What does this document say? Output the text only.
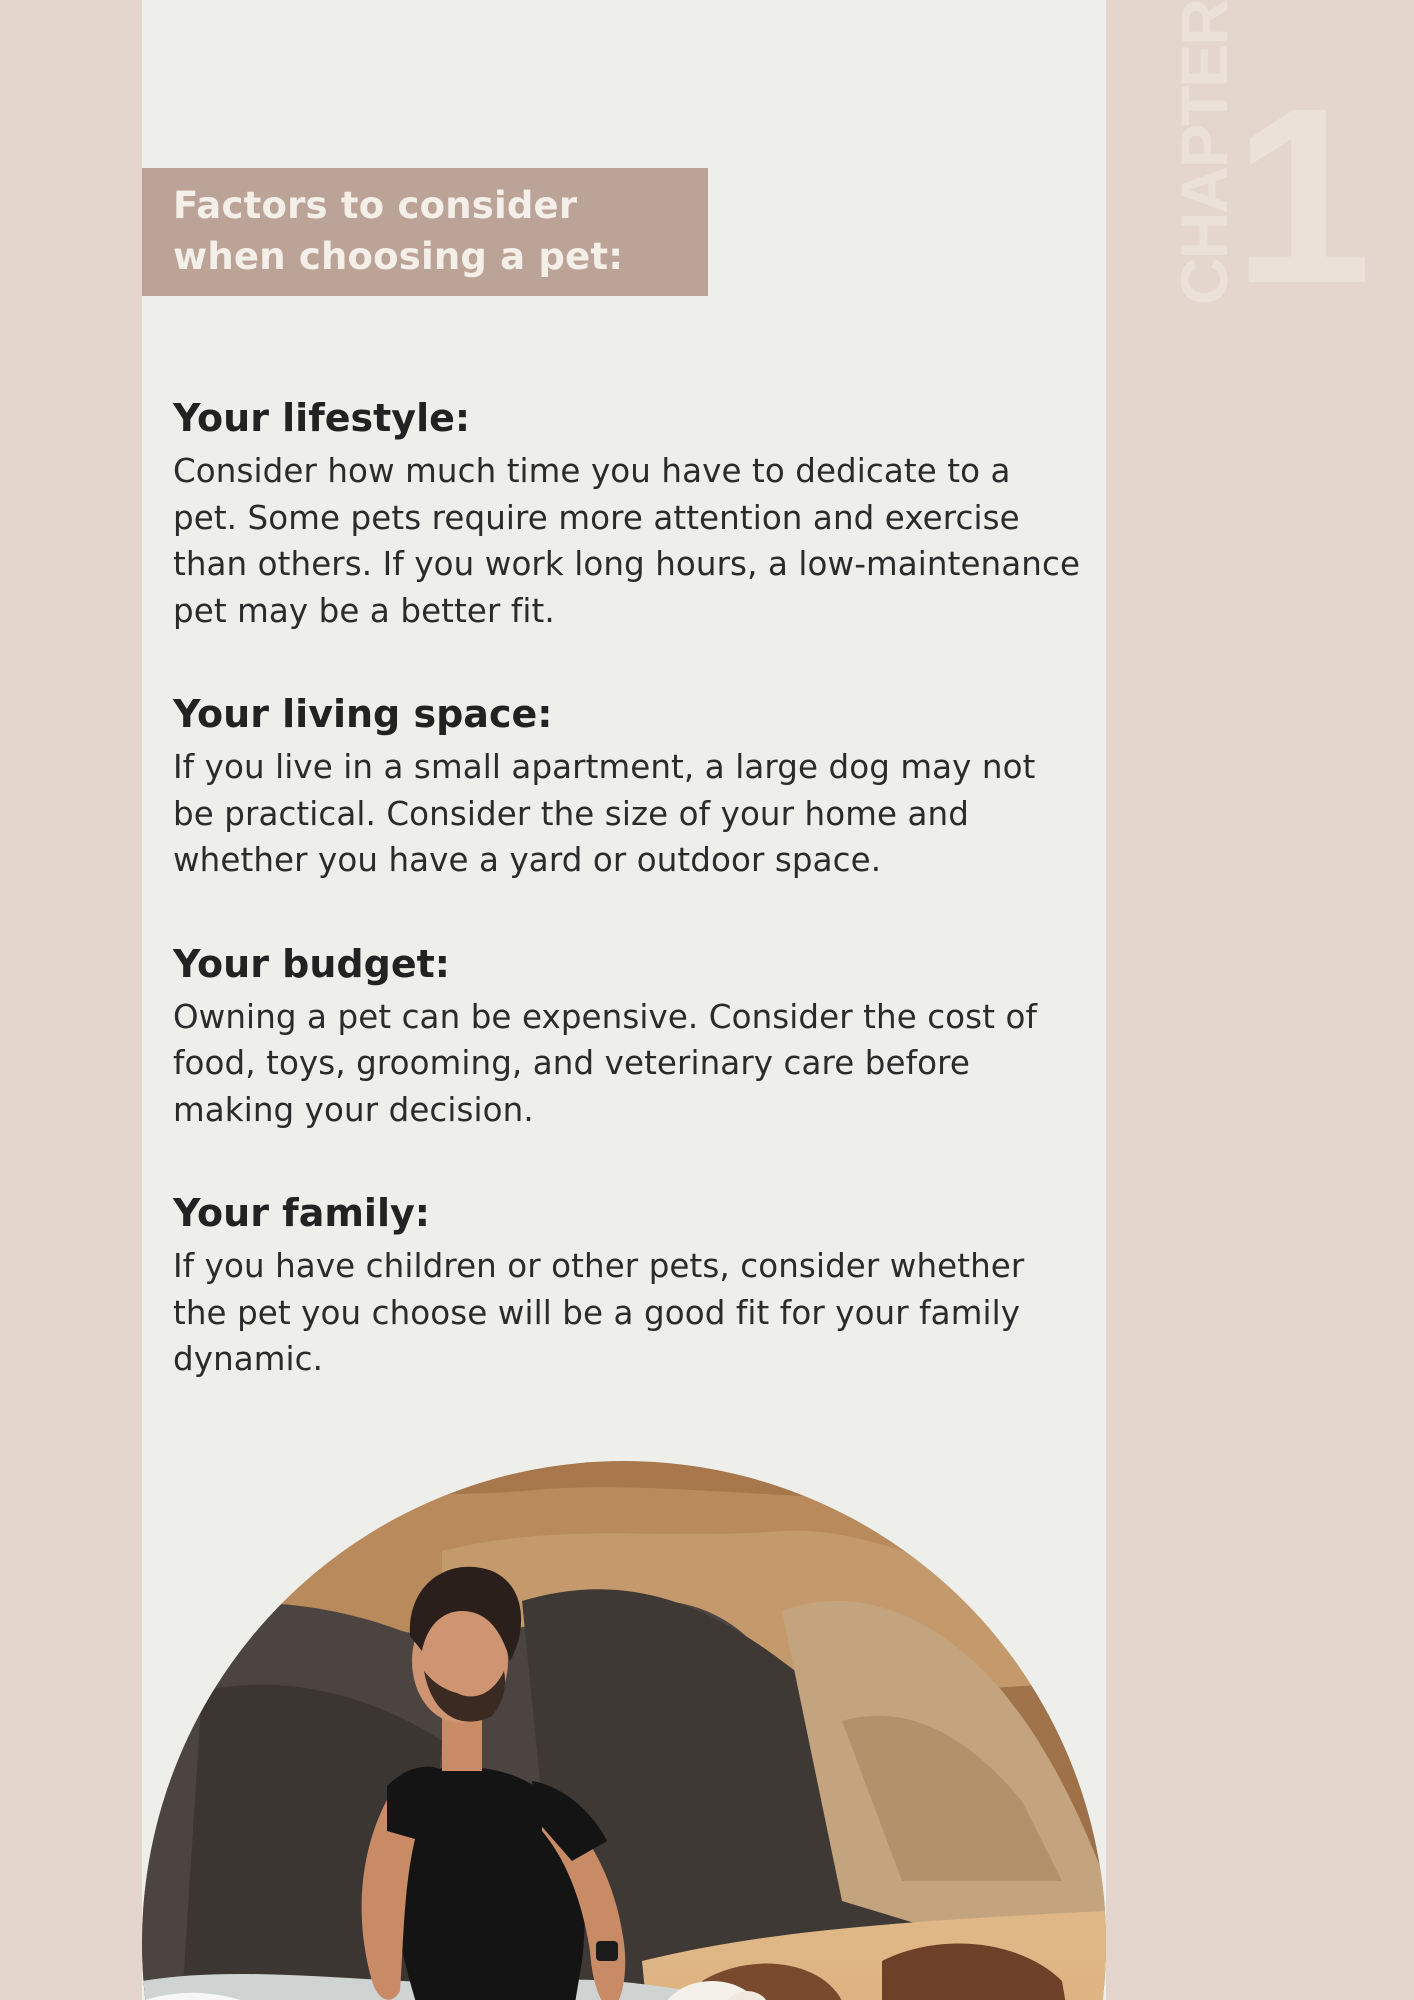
CHAPTER
1
Factors to consider when choosing a pet:
Your lifestyle:

Consider how much time you have to dedicate to a pet. Some pets require more attention and exercise than others. If you work long hours, a low-maintenance pet may be a better fit.

Your living space:

If you live in a small apartment, a large dog may not be practical. Consider the size of your home and whether you have a yard or outdoor space.

Your budget:

Owning a pet can be expensive. Consider the cost of food, toys, grooming, and veterinary care before making your decision.

Your family:

If you have children or other pets, consider whether the pet you choose will be a good fit for your family dynamic.
